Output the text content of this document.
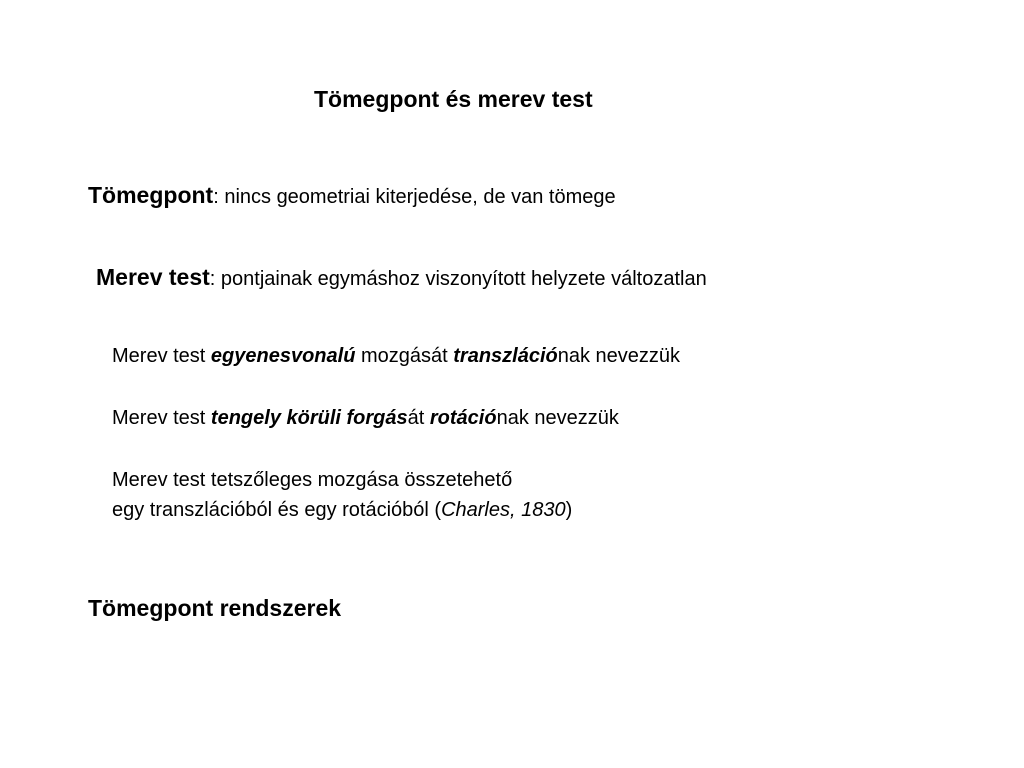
Tömegpont és merev test
Tömegpont: nincs geometriai kiterjedése, de van tömege
Merev test: pontjainak egymáshoz viszonyított helyzete változatlan
Merev test egyenesvonalú mozgását transzlációnak nevezzük
Merev test tengely körüli forgását rotációnak nevezzük
Merev test tetszőleges mozgása összetehető
egy transzlációból és egy rotációból (Charles, 1830)
Tömegpont rendszerek
